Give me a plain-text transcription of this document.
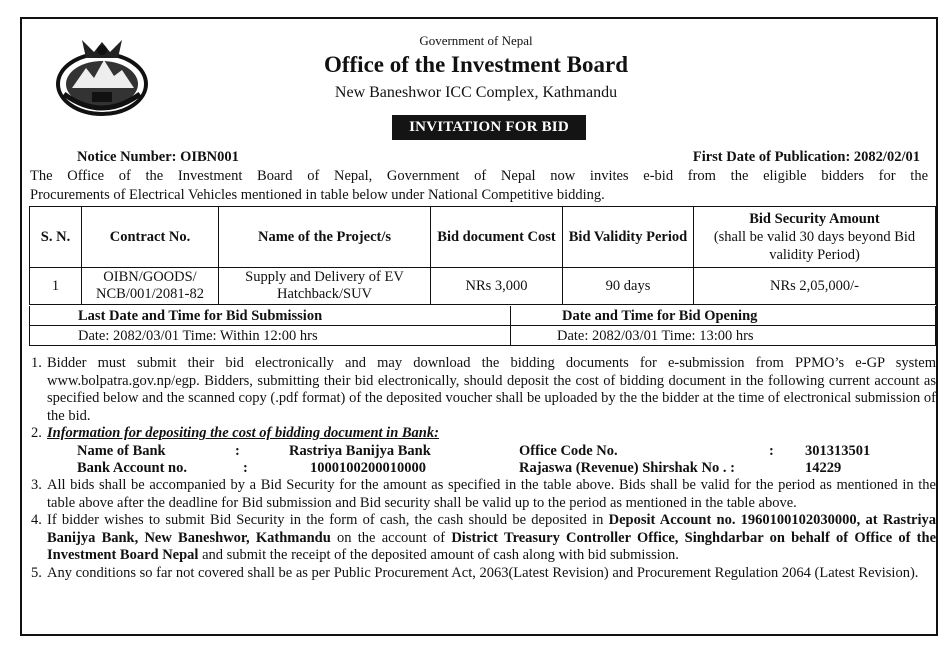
Government of Nepal
Office of the Investment Board
New Baneshwor ICC Complex, Kathmandu
INVITATION FOR BID
Notice Number: OIBN001	First Date of Publication: 2082/02/01
The Office of the Investment Board of Nepal, Government of Nepal now invites e-bid from the eligible bidders for the
Procurements of Electrical Vehicles mentioned in table below under National Competitive bidding.
S. N.	Contract No.	Name of the Project/s	Bid document Cost	Bid Validity Period	Bid Security Amount
(shall be valid 30 days beyond Bid validity Period)

1	OIBN/GOODS/ NCB/001/2081-82	Supply and Delivery of EV Hatchback/SUV	NRs 3,000	90 days	NRs 2,05,000/-
Last Date and Time for Bid Submission	Date and Time for Bid Opening
Date: 2082/03/01 Time: Within 12:00 hrs	Date: 2082/03/01 Time: 13:00 hrs
1. Bidder must submit their bid electronically and may download the bidding documents for e-submission from PPMO’s e-GP system www.bolpatra.gov.np/egp. Bidders, submitting their bid electronically, should deposit the cost of bidding document in the following current account as specified below and the scanned copy (.pdf format) of the deposited voucher shall be uploaded by the the bidder at the time of electronical submission of the bid.
2. Information for depositing the cost of bidding document in Bank:
Name of Bank	:	Rastriya Banijya Bank	Office Code No.	: 301313501
Bank Account no.	:	1000100200010000	Rajaswa (Revenue) Shirshak No . :	14229
3. All bids shall be accompanied by a Bid Security for the amount as specified in the table above. Bids shall be valid for the period as mentioned in the table above after the deadline for Bid submission and Bid security shall be valid up to the period as mentioned in the table above.
4. If bidder wishes to submit Bid Security in the form of cash, the cash should be deposited in Deposit Account no. 1960100102030000, at Rastriya Banijya Bank, New Baneshwor, Kathmandu on the account of District Treasury Controller Office, Singhdarbar on behalf of Office of the Investment Board Nepal and submit the receipt of the deposited amount of cash along with bid submission.
5. Any conditions so far not covered shall be as per Public Procurement Act, 2063(Latest Revision) and Procurement Regulation 2064 (Latest Revision).
